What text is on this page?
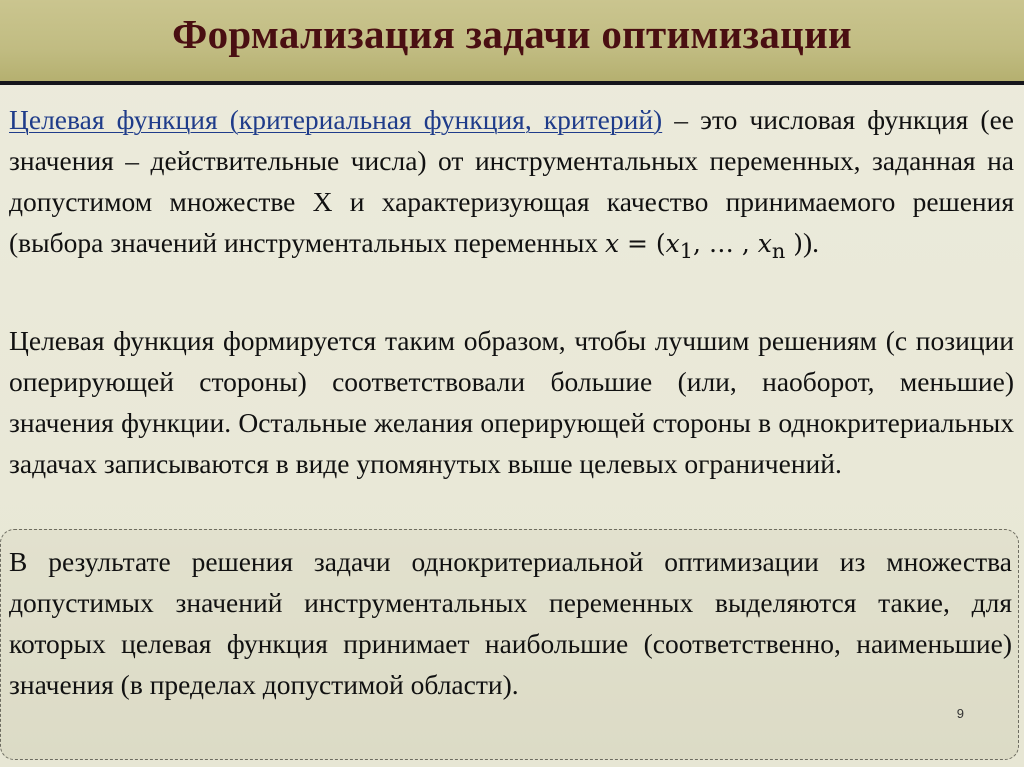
Формализация задачи оптимизации
Целевая функция (критериальная функция, критерий) – это числовая функция (ее значения – действительные числа) от инструментальных переменных, заданная на допустимом множестве X и характеризующая качество принимаемого решения (выбора значений инструментальных переменных $x = (x_1$, … , $x_n$ )).
Целевая функция формируется таким образом, чтобы лучшим решениям (с позиции оперирующей стороны) соответствовали большие (или, наоборот, меньшие) значения функции. Остальные желания оперирующей стороны в однокритериальных задачах записываются в виде упомянутых выше целевых ограничений.
В результате решения задачи однокритериальной оптимизации из множества допустимых значений инструментальных переменных выделяются такие, для которых целевая функция принимает наибольшие (соответственно, наименьшие) значения (в пределах допустимой области).
9
